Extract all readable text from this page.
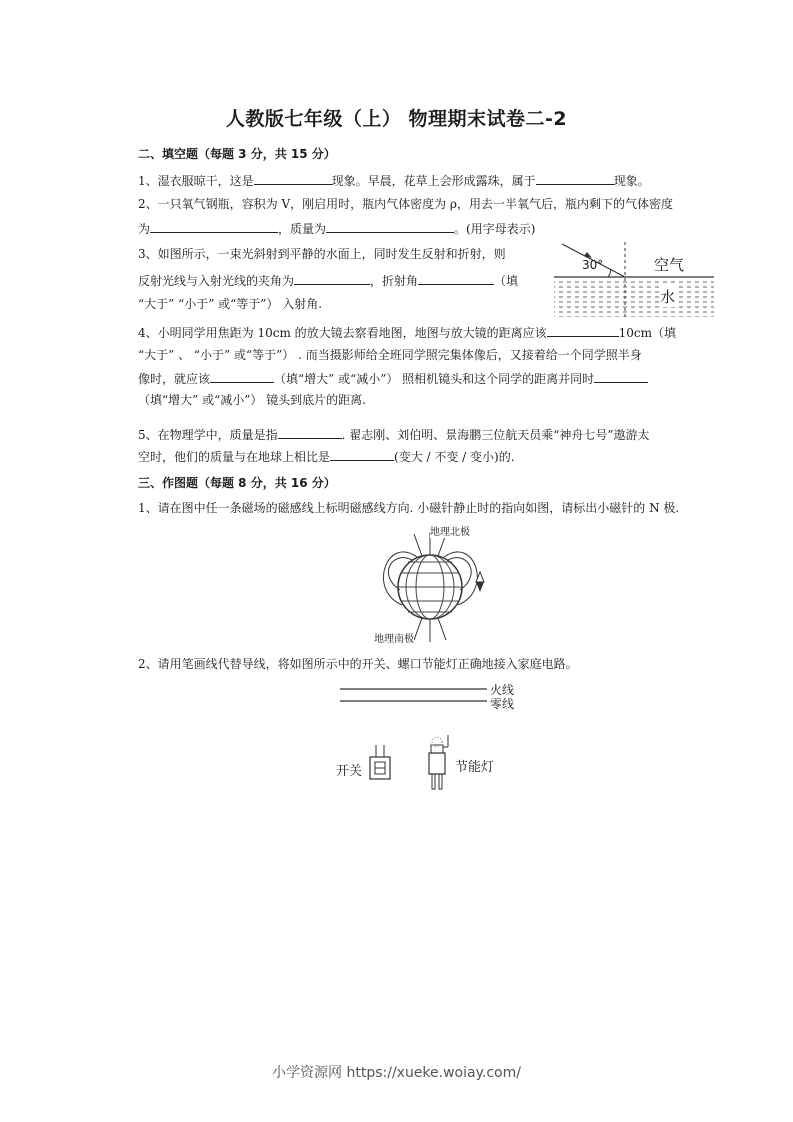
人教版七年级（上） 物理期末试卷二-2
二、填空题（每题 3 分，共 15 分）
1、湿衣服晾干，这是	现象。早晨，花草上会形成露珠，属于	现象。
2、一只氧气钢瓶，容积为 V，刚启用时，瓶内气体密度为 ρ，用去一半氧气后，瓶内剩下的气体密度
为	，质量为	。(用字母表示)
3、如图所示，一束光斜射到平静的水面上，同时发生反射和折射，则
反射光线与入射光线的夹角为	，折射角	（填
“大于” “小于” 或“等于”） 入射角.
30°	空气
水
4、小明同学用焦距为 10cm 的放大镜去察看地图，地图与放大镜的距离应该	10cm（填
“大于” 、 “小于” 或“等于”） . 而当摄影师给全班同学照完集体像后，又接着给一个同学照半身
像时，就应该	（填“增大” 或“减小”） 照相机镜头和这个同学的距离并同时
（填“增大” 或“减小”） 镜头到底片的距离.
5、在物理学中，质量是指	. 翟志刚、刘伯明、景海鹏三位航天员乘“神舟七号”遨游太
空时，他们的质量与在地球上相比是	(变大 / 不变 / 变小)的.
三、作图题（每题 8 分，共 16 分）
1、请在图中任一条磁场的磁感线上标明磁感线方向. 小磁针静止时的指向如图，请标出小磁针的 N 极.
地理北极
地理南极
2、请用笔画线代替导线，将如图所示中的开关、螺口节能灯正确地接入家庭电路。
火线
零线
开关	节能灯
小学资源网 https://xueke.woiay.com/
